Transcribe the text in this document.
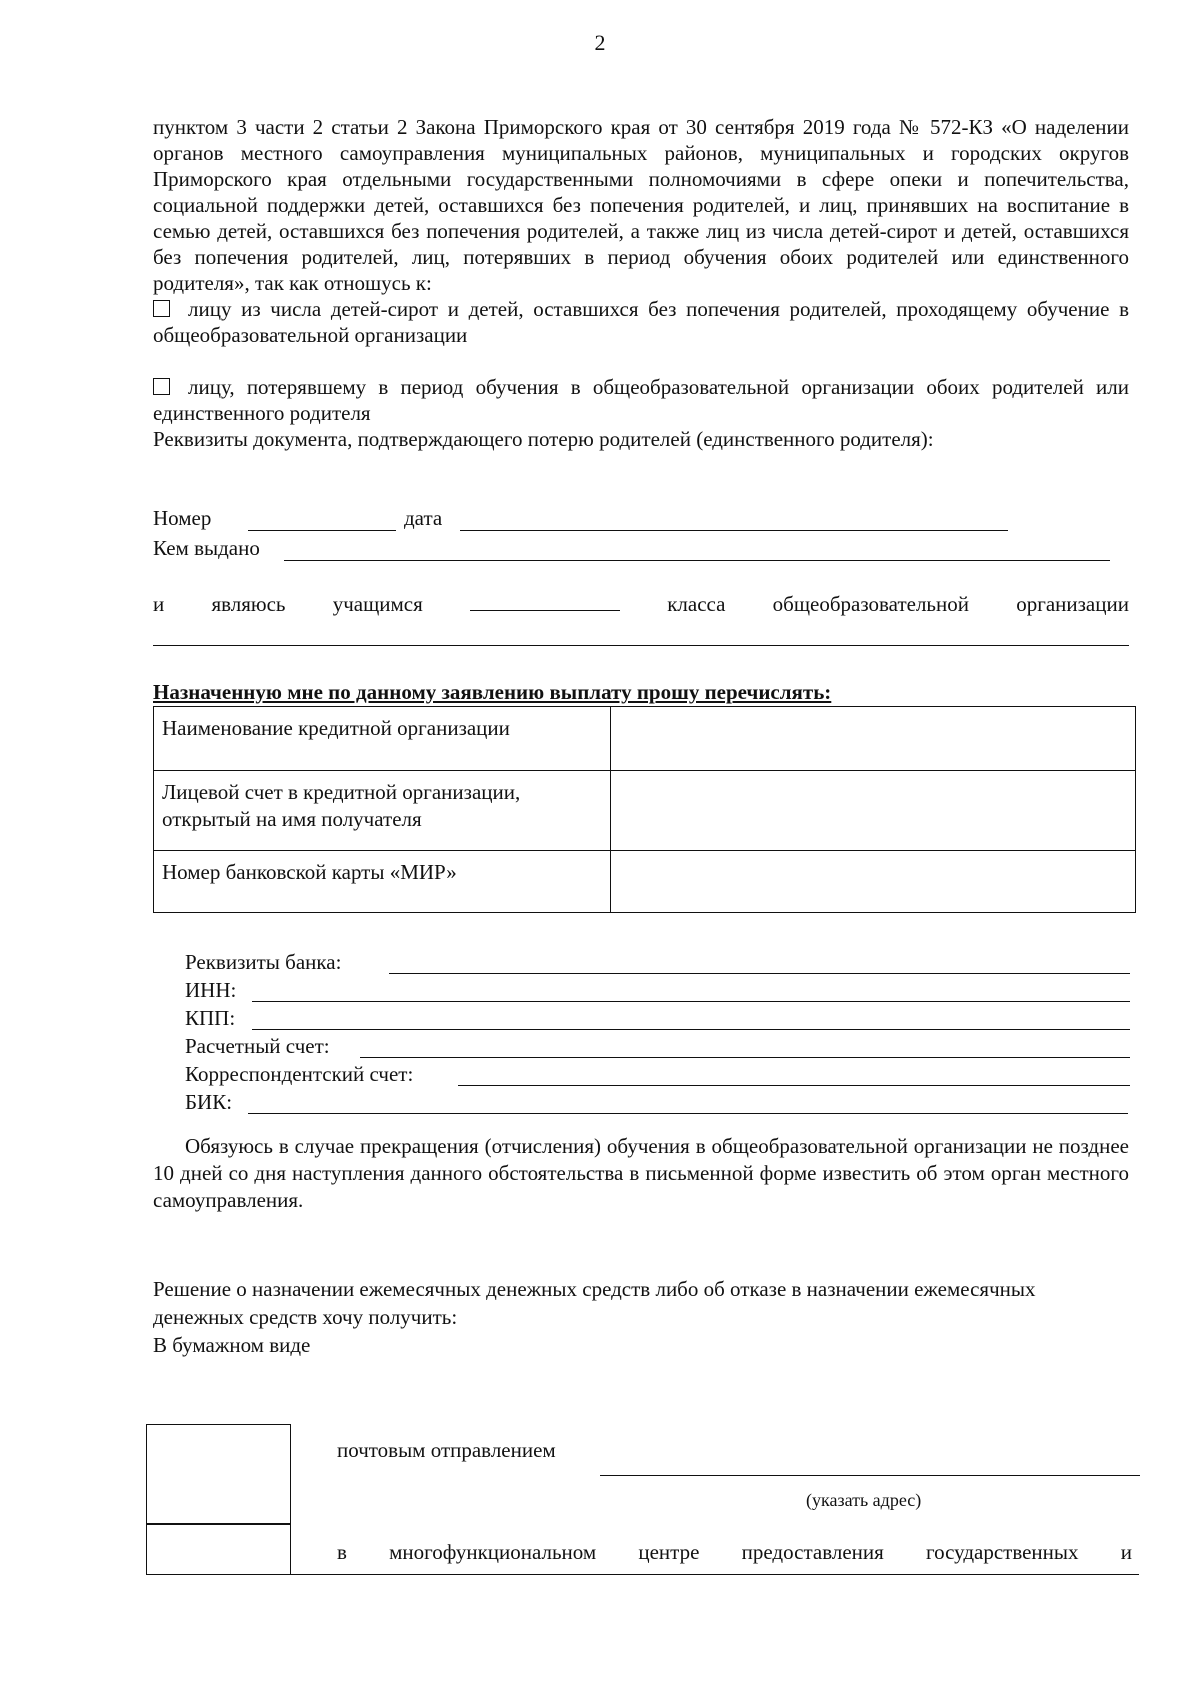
2

пунктом 3 части 2 статьи 2 Закона Приморского края от 30 сентября 2019 года № 572-КЗ «О наделении органов местного самоуправления муниципальных районов, муниципальных и городских округов Приморского края отдельными государственными полномочиями в сфере опеки и попечительства, социальной поддержки детей, оставшихся без попечения родителей, и лиц, принявших на воспитание в семью детей, оставшихся без попечения родителей, а также лиц из числа детей-сирот и детей, оставшихся без попечения родителей, лиц, потерявших в период обучения обоих родителей или единственного родителя», так как отношусь к:

лицу из числа детей-сирот и детей, оставшихся без попечения родителей, проходящему обучение в общеобразовательной организации

лицу, потерявшему в период обучения в общеобразовательной организации обоих родителей или единственного родителя

Реквизиты документа, подтверждающего потерю родителей (единственного родителя):

Номер	дата
Кем выдано
и являюсь учащимся	класса общеобразовательной организации
Назначенную мне по данному заявлению выплату прошу перечислять:
Наименование кредитной организации	
Лицевой счет в кредитной организации, открытый на имя получателя	
Номер банковской карты «МИР»	
Реквизиты банка:
ИНН:
КПП:
Расчетный счет:
Корреспондентский счет:
БИК:
Обязуюсь в случае прекращения (отчисления) обучения в общеобразовательной организации не позднее 10 дней со дня наступления данного обстоятельства в письменной форме известить об этом орган местного самоуправления.
Решение о назначении ежемесячных денежных средств либо об отказе в назначении ежемесячных денежных средств хочу получить:
В бумажном виде
почтовым отправлением
(указать адрес)
в многофункциональном центре предоставления государственных и
